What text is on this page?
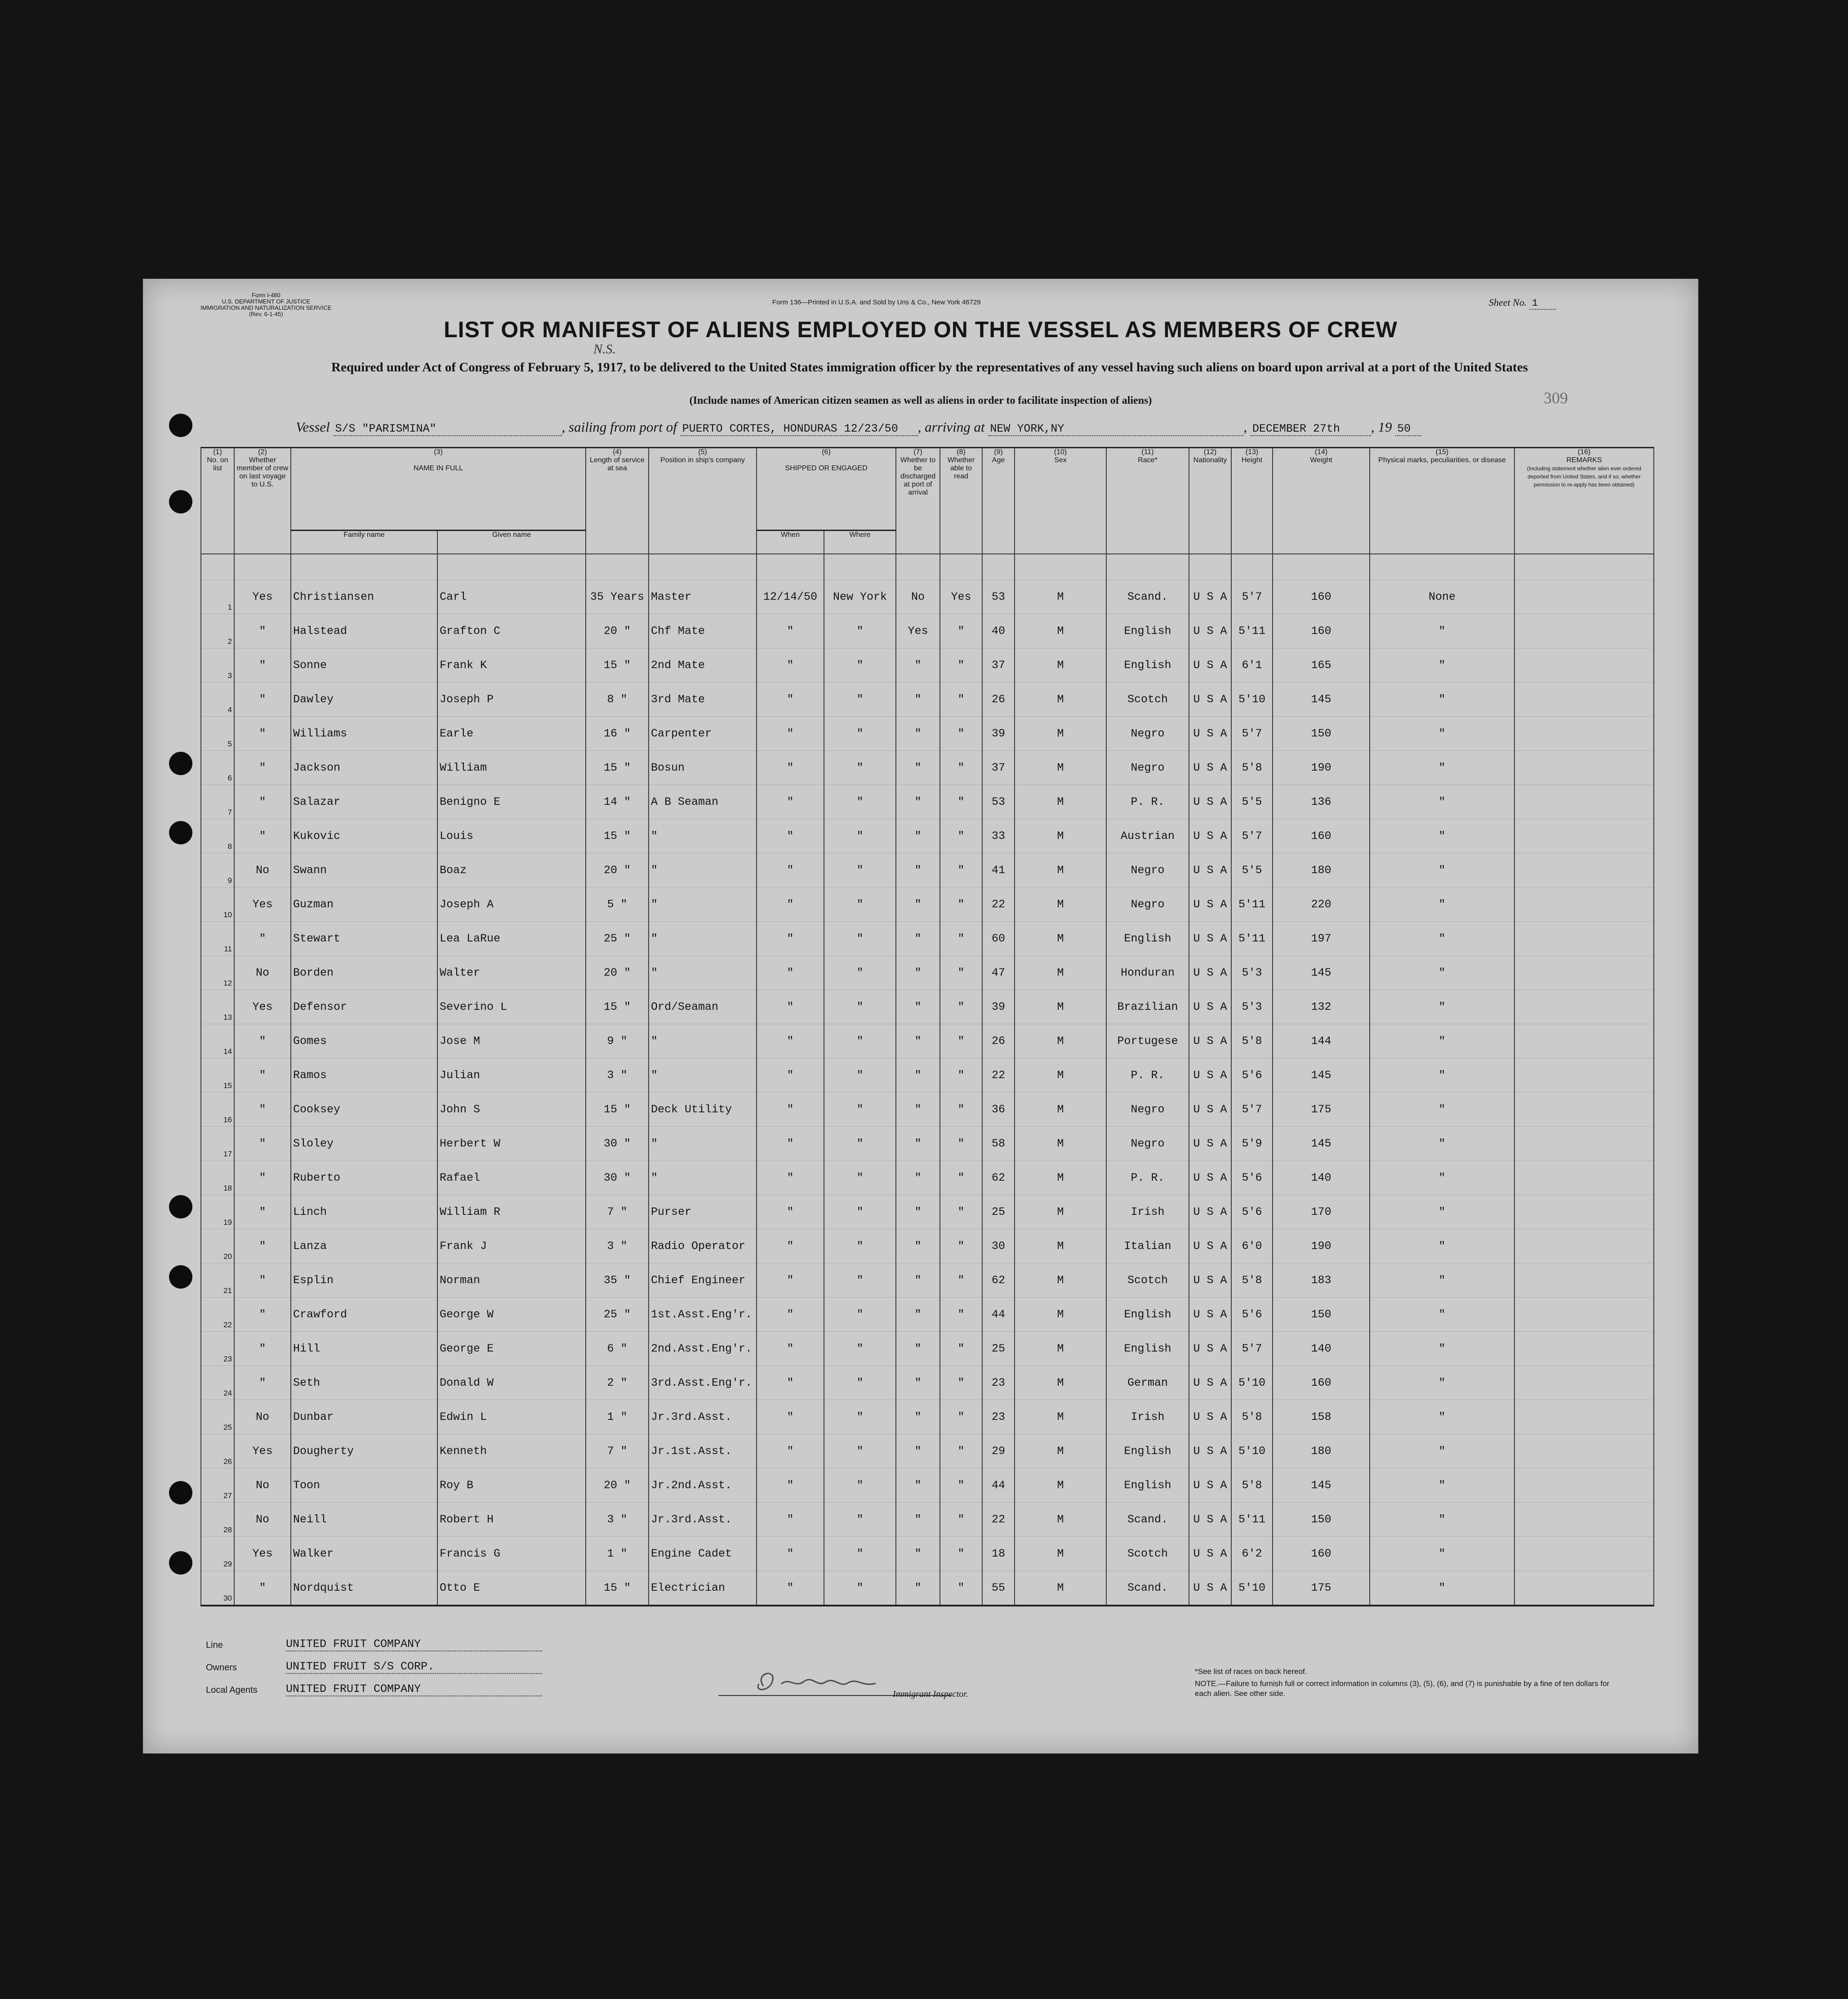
Form I-480
U.S. DEPARTMENT OF JUSTICE
IMMIGRATION AND NATURALIZATION SERVICE
(Rev. 6-1-45)
Form 136—Printed in U.S.A. and Sold by Uns & Co., New York 46729	Sheet No. 1
LIST OR MANIFEST OF ALIENS EMPLOYED ON THE VESSEL AS MEMBERS OF CREW
Required under Act of Congress of February 5, 1917, to be delivered to the United States immigration officer by the representatives of any vessel having such aliens on board upon arrival at a port of the United States
(Include names of American citizen seamen as well as aliens in order to facilitate inspection of aliens)	309
N.S.
Vessel S/S "PARISMINA"	, sailing from port of PUERTO CORTES, HONDURAS 12/23/50 , arriving at NEW YORK,NY	, DECEMBER 27th , 19 50
(1)
No. on list	(2)
Whether member of crew on last voyage to U.S.	(3)

NAME IN FULL		(4)
Length of service at sea	(5)
Position in ship's company	(6)

SHIPPED OR ENGAGED		(7)
Whether to be discharged at port of arrival	(8)
Whether able to read	(9)
Age	(10)
Sex	(11)
Race*	(12)
Nationality	(13)
Height	(14)
Weight	(15)
Physical marks, peculiarities, or disease	(16)
REMARKS
(Including statement whether alien ever ordered deported from United States, and if so, whether permission to re-apply has been obtained)	

		Family name	Given name			When	Where											

1	Yes	Christiansen	Carl	35 Years	Master	12/14/50	New York	No	Yes	53	M	Scand.	U S A	5'7	160	None		
2	"	Halstead	Grafton C	20 "	Chf Mate	"	"	Yes	"	40	M	English	U S A	5'11	160	"		
3	"	Sonne	Frank K	15 "	2nd Mate	"	"	"	"	37	M	English	U S A	6'1	165	"		
4	"	Dawley	Joseph P	8 "	3rd Mate	"	"	"	"	26	M	Scotch	U S A	5'10	145	"		
5	"	Williams	Earle	16 "	Carpenter	"	"	"	"	39	M	Negro	U S A	5'7	150	"		
6	"	Jackson	William	15 "	Bosun	"	"	"	"	37	M	Negro	U S A	5'8	190	"		
7	"	Salazar	Benigno E	14 "	A B Seaman	"	"	"	"	53	M	P. R.	U S A	5'5	136	"		
8	"	Kukovic	Louis	15 "	"	"	"	"	"	33	M	Austrian	U S A	5'7	160	"		
9	No	Swann	Boaz	20 "	"	"	"	"	"	41	M	Negro	U S A	5'5	180	"		
10	Yes	Guzman	Joseph A	5 "	"	"	"	"	"	22	M	Negro	U S A	5'11	220	"		
11	"	Stewart	Lea LaRue	25 "	"	"	"	"	"	60	M	English	U S A	5'11	197	"		
12	No	Borden	Walter	20 "	"	"	"	"	"	47	M	Honduran	U S A	5'3	145	"		
13	Yes	Defensor	Severino L	15 "	Ord/Seaman	"	"	"	"	39	M	Brazilian	U S A	5'3	132	"		
14	"	Gomes	Jose M	9 "	"	"	"	"	"	26	M	Portugese	U S A	5'8	144	"		
15	"	Ramos	Julian	3 "	"	"	"	"	"	22	M	P. R.	U S A	5'6	145	"		
16	"	Cooksey	John S	15 "	Deck Utility	"	"	"	"	36	M	Negro	U S A	5'7	175	"		
17	"	Sloley	Herbert W	30 "	"	"	"	"	"	58	M	Negro	U S A	5'9	145	"		
18	"	Ruberto	Rafael	30 "	"	"	"	"	"	62	M	P. R.	U S A	5'6	140	"		
19	"	Linch	William R	7 "	Purser	"	"	"	"	25	M	Irish	U S A	5'6	170	"		
20	"	Lanza	Frank J	3 "	Radio Operator	"	"	"	"	30	M	Italian	U S A	6'0	190	"		
21	"	Esplin	Norman	35 "	Chief Engineer	"	"	"	"	62	M	Scotch	U S A	5'8	183	"		
22	"	Crawford	George W	25 "	1st.Asst.Eng'r.	"	"	"	"	44	M	English	U S A	5'6	150	"		
23	"	Hill	George E	6 "	2nd.Asst.Eng'r.	"	"	"	"	25	M	English	U S A	5'7	140	"		
24	"	Seth	Donald W	2 "	3rd.Asst.Eng'r.	"	"	"	"	23	M	German	U S A	5'10	160	"		
25	No	Dunbar	Edwin L	1 "	Jr.3rd.Asst.	"	"	"	"	23	M	Irish	U S A	5'8	158	"		
26	Yes	Dougherty	Kenneth	7 "	Jr.1st.Asst.	"	"	"	"	29	M	English	U S A	5'10	180	"		
27	No	Toon	Roy B	20 "	Jr.2nd.Asst.	"	"	"	"	44	M	English	U S A	5'8	145	"		
28	No	Neill	Robert H	3 "	Jr.3rd.Asst.	"	"	"	"	22	M	Scand.	U S A	5'11	150	"		
29	Yes	Walker	Francis G	1 "	Engine Cadet	"	"	"	"	18	M	Scotch	U S A	6'2	160	"		
30	"	Nordquist	Otto E	15 "	Electrician	"	"	"	"	55	M	Scand.	U S A	5'10	175	"		
Line	UNITED FRUIT COMPANY
Owners	UNITED FRUIT S/S CORP.
Local Agents	UNITED FRUIT COMPANY	Immigrant Inspector.
*See list of races on back hereof.
NOTE.—Failure to furnish full or correct information in columns (3), (5), (6), and (7) is punishable by a fine of ten dollars for each alien. See other side.
